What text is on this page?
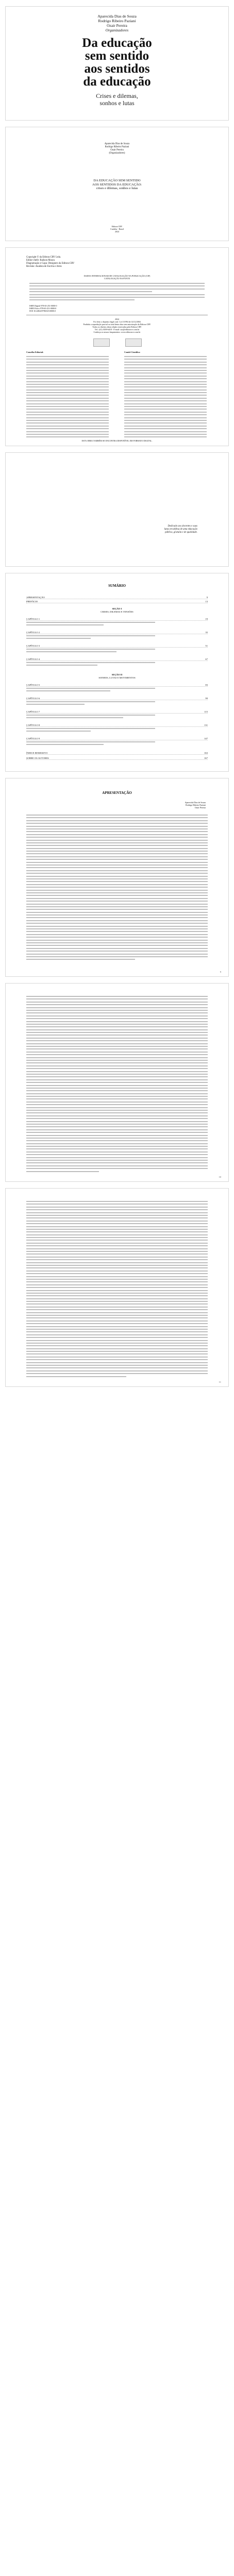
Aparecida Dias de Souza
Rodrigo Ribeiro Paziani
Ozair Pereira
Organizadores
Da educação
sem sentido
aos sentidos
da educação
Crises e dilemas,
sonhos e lutas
Aparecida Dias de Souza
Rodrigo Ribeiro Paziani
Ozair Pereira
(Organizadores)
DA EDUCAÇÃO SEM SENTIDO
AOS SENTIDOS DA EDUCAÇÃO:
crises e dilemas, sonhos e lutas
Editora CRV
Curitiba - Brasil
2024
Copyright © da Editora CRV Ltda.
Editor-chefe: Railson Moura
Diagramação e Capa: Designers da Editora CRV
Revisão: Analista de Escrita e Artes
DADOS INTERNACIONAIS DE CATALOGAÇÃO NA PUBLICAÇÃO (CIP)
CATALOGAÇÃO NA FONTE
ISBN Digital 978-65-251-0000-0
ISBN Físico 978-65-251-0000-0
DOI 10.24824/978652510000.0
2024
Foi feito o depósito legal conf. Lei 10.994 de 14/12/2004
Proibida a reprodução parcial ou total desta obra sem autorização da Editora CRV
Todos os direitos desta edição reservados pela Editora CRV
Tel.: (41) 3039-6418 - E-mail: sac@editoracrv.com.br
Conheça os nossos lançamentos: www.editoracrv.com.br
Conselho Editorial:	Comitê Científico:
ESTA OBRA TAMBÉM SE ENCONTRA DISPONÍVEL EM FORMATO DIGITAL.
Dedicado aos docentes e suas
lutas em defesa de uma educação
pública, gratuita e de qualidade.
SUMÁRIO
APRESENTAÇÃO	9
PREFÁCIO	13
SEÇÃO I
CRISES, DILEMAS E TENSÕES
CAPÍTULO 1	19
CAPÍTULO 2	35
CAPÍTULO 3	51
CAPÍTULO 4	67
SEÇÃO II
SONHOS, LUTAS E MOVIMENTOS
CAPÍTULO 5	83
CAPÍTULO 6	99
CAPÍTULO 7	115
CAPÍTULO 8	131
CAPÍTULO 9	147
ÍNDICE REMISSIVO	163
SOBRE OS AUTORES	167
APRESENTAÇÃO
Aparecida Dias de Souza
Rodrigo Ribeiro Paziani
Ozair Pereira
9
10
11
